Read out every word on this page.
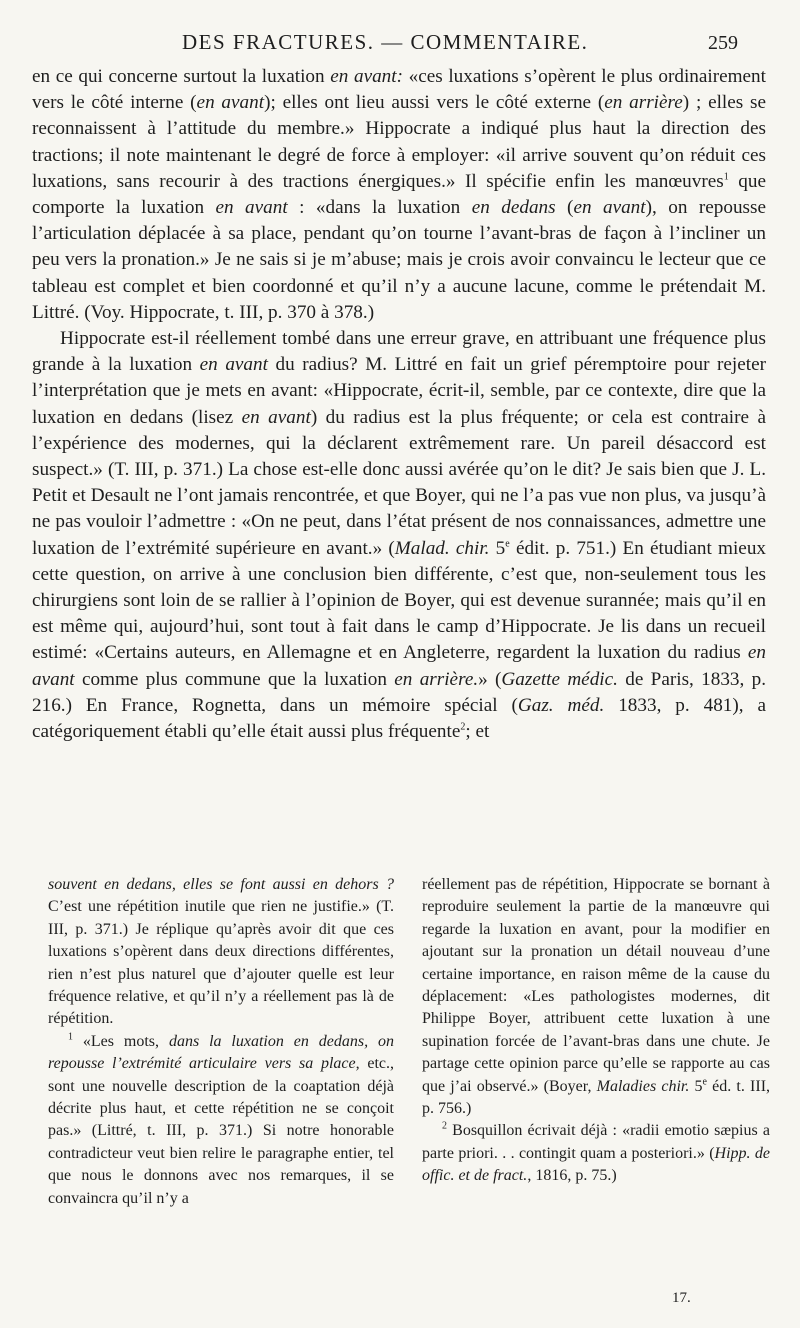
DES FRACTURES. — COMMENTAIRE.	259

en ce qui concerne surtout la luxation en avant: «ces luxations s’opèrent le plus ordinairement vers le côté interne (en avant); elles ont lieu aussi vers le côté externe (en arrière) ; elles se reconnaissent à l’attitude du membre.» Hippocrate a indiqué plus haut la direction des tractions; il note maintenant le degré de force à employer: «il arrive souvent qu’on réduit ces luxations, sans recourir à des tractions énergiques.» Il spécifie enfin les manœuvres$^1$ que comporte la luxation en avant : «dans la luxation en dedans (en avant), on repousse l’articulation déplacée à sa place, pendant qu’on tourne l’avant-bras de façon à l’incliner un peu vers la pronation.» Je ne sais si je m’abuse; mais je crois avoir convaincu le lecteur que ce tableau est complet et bien coordonné et qu’il n’y a aucune lacune, comme le prétendait M. Littré. (Voy. Hippocrate, t. III, p. 370 à 378.)

Hippocrate est-il réellement tombé dans une erreur grave, en attribuant une fréquence plus grande à la luxation en avant du radius? M. Littré en fait un grief péremptoire pour rejeter l’interprétation que je mets en avant: «Hippocrate, écrit-il, semble, par ce contexte, dire que la luxation en dedans (lisez en avant) du radius est la plus fréquente; or cela est contraire à l’expérience des modernes, qui la déclarent extrêmement rare. Un pareil désaccord est suspect.» (T. III, p. 371.) La chose est-elle donc aussi avérée qu’on le dit? Je sais bien que J. L. Petit et Desault ne l’ont jamais rencontrée, et que Boyer, qui ne l’a pas vue non plus, va jusqu’à ne pas vouloir l’admettre : «On ne peut, dans l’état présent de nos connaissances, admettre une luxation de l’extrémité supérieure en avant.» (Malad. chir. 5e édit. p. 751.) En étudiant mieux cette question, on arrive à une conclusion bien différente, c’est que, non-seulement tous les chirurgiens sont loin de se rallier à l’opinion de Boyer, qui est devenue surannée; mais qu’il en est même qui, aujourd’hui, sont tout à fait dans le camp d’Hippocrate. Je lis dans un recueil estimé: «Certains auteurs, en Allemagne et en Angleterre, regardent la luxation du radius en avant comme plus commune que la luxation en arrière.» (Gazette médic. de Paris, 1833, p. 216.) En France, Rognetta, dans un mémoire spécial (Gaz. méd. 1833, p. 481), a catégoriquement établi qu’elle était aussi plus fréquente$^2$; et

souvent en dedans, elles se font aussi en dehors ? C’est une répétition inutile que rien ne justifie.» (T. III, p. 371.) Je réplique qu’après avoir dit que ces luxations s’opèrent dans deux directions différentes, rien n’est plus naturel que d’ajouter quelle est leur fréquence relative, et qu’il n’y a réellement pas là de répétition.

$^1$ «Les mots, dans la luxation en dedans, on repousse l’extrémité articulaire vers sa place, etc., sont une nouvelle description de la coaptation déjà décrite plus haut, et cette répétition ne se conçoit pas.» (Littré, t. III, p. 371.) Si notre honorable contradicteur veut bien relire le paragraphe entier, tel que nous le donnons avec nos remarques, il se convaincra qu’il n’y a

réellement pas de répétition, Hippocrate se bornant à reproduire seulement la partie de la manœuvre qui regarde la luxation en avant, pour la modifier en ajoutant sur la pronation un détail nouveau d’une certaine importance, en raison même de la cause du déplacement: «Les pathologistes modernes, dit Philippe Boyer, attribuent cette luxation à une supination forcée de l’avant-bras dans une chute. Je partage cette opinion parce qu’elle se rapporte au cas que j’ai observé.» (Boyer, Maladies chir. 5e éd. t. III, p. 756.)

$^2$ Bosquillon écrivait déjà : «radii emotio sæpius a parte priori. . . contingit quam a posteriori.» (Hipp. de offic. et de fract., 1816, p. 75.)

17.
